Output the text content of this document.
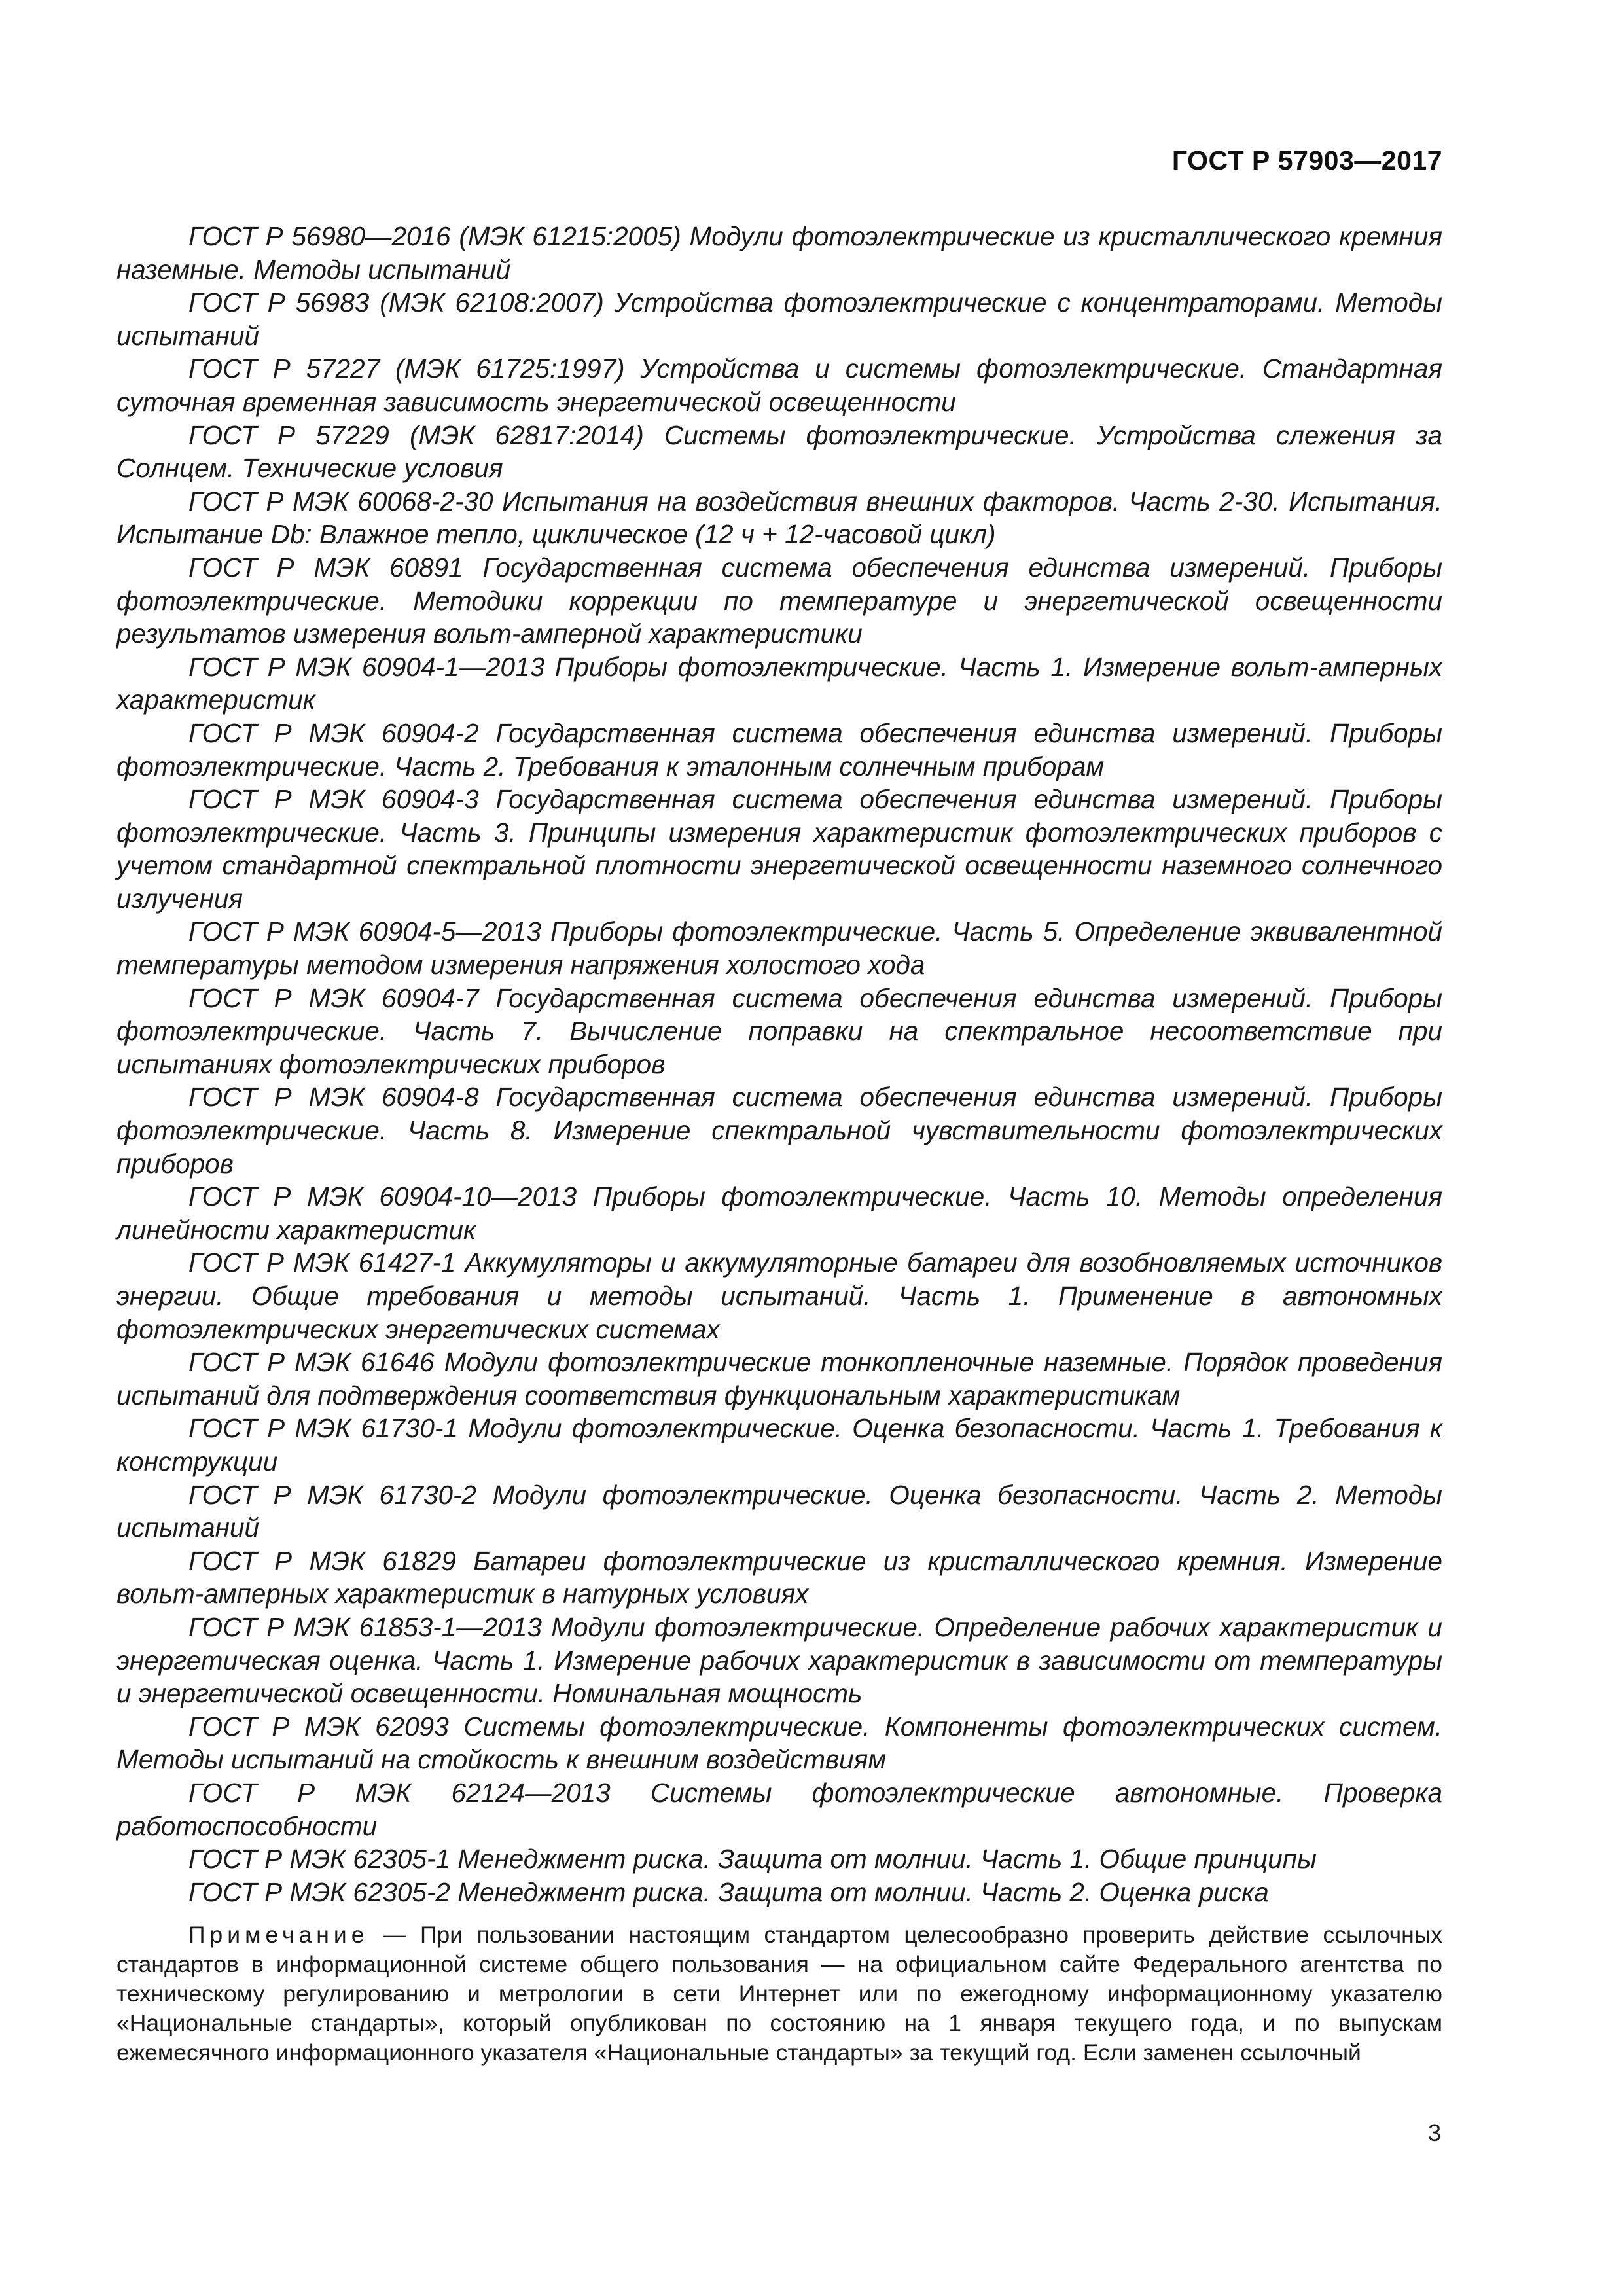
ГОСТ Р 57903—2017

ГОСТ Р 56980—2016 (МЭК 61215:2005) Модули фотоэлектрические из кристаллического кремния наземные. Методы испытаний

ГОСТ Р 56983 (МЭК 62108:2007) Устройства фотоэлектрические с концентраторами. Методы испытаний

ГОСТ Р 57227 (МЭК 61725:1997) Устройства и системы фотоэлектрические. Стандартная суточная временная зависимость энергетической освещенности

ГОСТ Р 57229 (МЭК 62817:2014) Системы фотоэлектрические. Устройства слежения за Солнцем. Технические условия

ГОСТ Р МЭК 60068-2-30 Испытания на воздействия внешних факторов. Часть 2-30. Испытания. Испытание Db: Влажное тепло, циклическое (12 ч + 12-часовой цикл)

ГОСТ Р МЭК 60891 Государственная система обеспечения единства измерений. Приборы фотоэлектрические. Методики коррекции по температуре и энергетической освещенности результатов измерения вольт-амперной характеристики

ГОСТ Р МЭК 60904-1—2013 Приборы фотоэлектрические. Часть 1. Измерение вольт-амперных характеристик

ГОСТ Р МЭК 60904-2 Государственная система обеспечения единства измерений. Приборы фотоэлектрические. Часть 2. Требования к эталонным солнечным приборам

ГОСТ Р МЭК 60904-3 Государственная система обеспечения единства измерений. Приборы фотоэлектрические. Часть 3. Принципы измерения характеристик фотоэлектрических приборов с учетом стандартной спектральной плотности энергетической освещенности наземного солнечного излучения

ГОСТ Р МЭК 60904-5—2013 Приборы фотоэлектрические. Часть 5. Определение эквивалентной температуры методом измерения напряжения холостого хода

ГОСТ Р МЭК 60904-7 Государственная система обеспечения единства измерений. Приборы фотоэлектрические. Часть 7. Вычисление поправки на спектральное несоответствие при испытаниях фотоэлектрических приборов

ГОСТ Р МЭК 60904-8 Государственная система обеспечения единства измерений. Приборы фотоэлектрические. Часть 8. Измерение спектральной чувствительности фотоэлектрических приборов

ГОСТ Р МЭК 60904-10—2013 Приборы фотоэлектрические. Часть 10. Методы определения линейности характеристик

ГОСТ Р МЭК 61427-1 Аккумуляторы и аккумуляторные батареи для возобновляемых источников энергии. Общие требования и методы испытаний. Часть 1. Применение в автономных фотоэлектрических энергетических системах

ГОСТ Р МЭК 61646 Модули фотоэлектрические тонкопленочные наземные. Порядок проведения испытаний для подтверждения соответствия функциональным характеристикам

ГОСТ Р МЭК 61730-1 Модули фотоэлектрические. Оценка безопасности. Часть 1. Требования к конструкции

ГОСТ Р МЭК 61730-2 Модули фотоэлектрические. Оценка безопасности. Часть 2. Методы испытаний

ГОСТ Р МЭК 61829 Батареи фотоэлектрические из кристаллического кремния. Измерение вольт-амперных характеристик в натурных условиях

ГОСТ Р МЭК 61853-1—2013 Модули фотоэлектрические. Определение рабочих характеристик и энергетическая оценка. Часть 1. Измерение рабочих характеристик в зависимости от температуры и энергетической освещенности. Номинальная мощность

ГОСТ Р МЭК 62093 Системы фотоэлектрические. Компоненты фотоэлектрических систем. Методы испытаний на стойкость к внешним воздействиям

ГОСТ Р МЭК 62124—2013 Системы фотоэлектрические автономные. Проверка работоспособности

ГОСТ Р МЭК 62305-1 Менеджмент риска. Защита от молнии. Часть 1. Общие принципы

ГОСТ Р МЭК 62305-2 Менеджмент риска. Защита от молнии. Часть 2. Оценка риска

Примечание — При пользовании настоящим стандартом целесообразно проверить действие ссылочных стандартов в информационной системе общего пользования — на официальном сайте Федерального агентства по техническому регулированию и метрологии в сети Интернет или по ежегодному информационному указателю «Национальные стандарты», который опубликован по состоянию на 1 января текущего года, и по выпускам ежемесячного информационного указателя «Национальные стандарты» за текущий год. Если заменен ссылочный

3
